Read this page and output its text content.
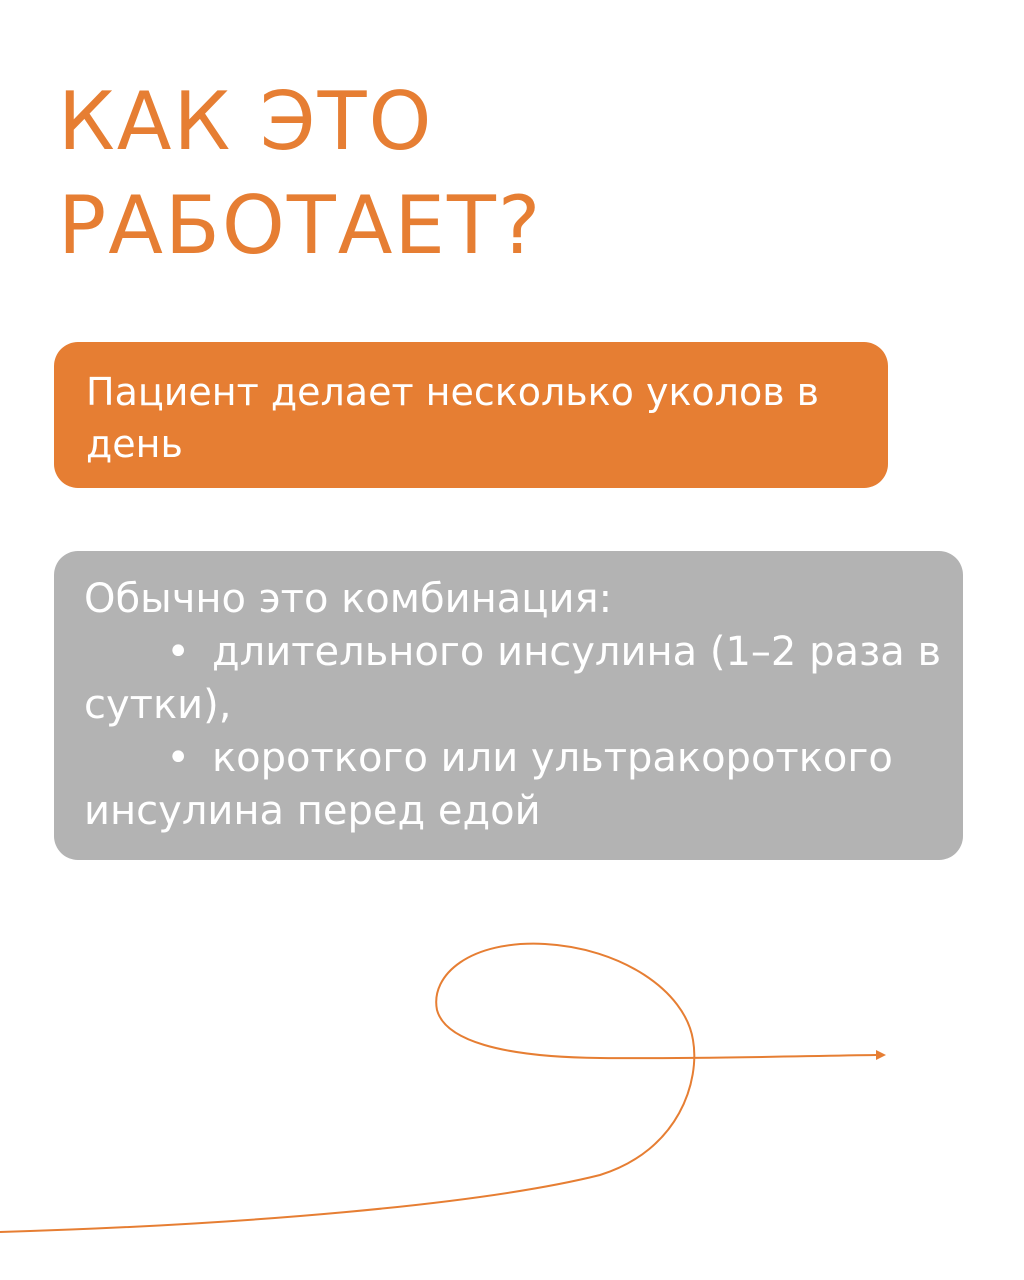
КАК ЭТО
РАБОТАЕТ?
Пациент делает несколько уколов в день
Обычно это комбинация:
• длительного инсулина (1–2 раза в сутки),
• короткого или ультракороткого инсулина перед едой
